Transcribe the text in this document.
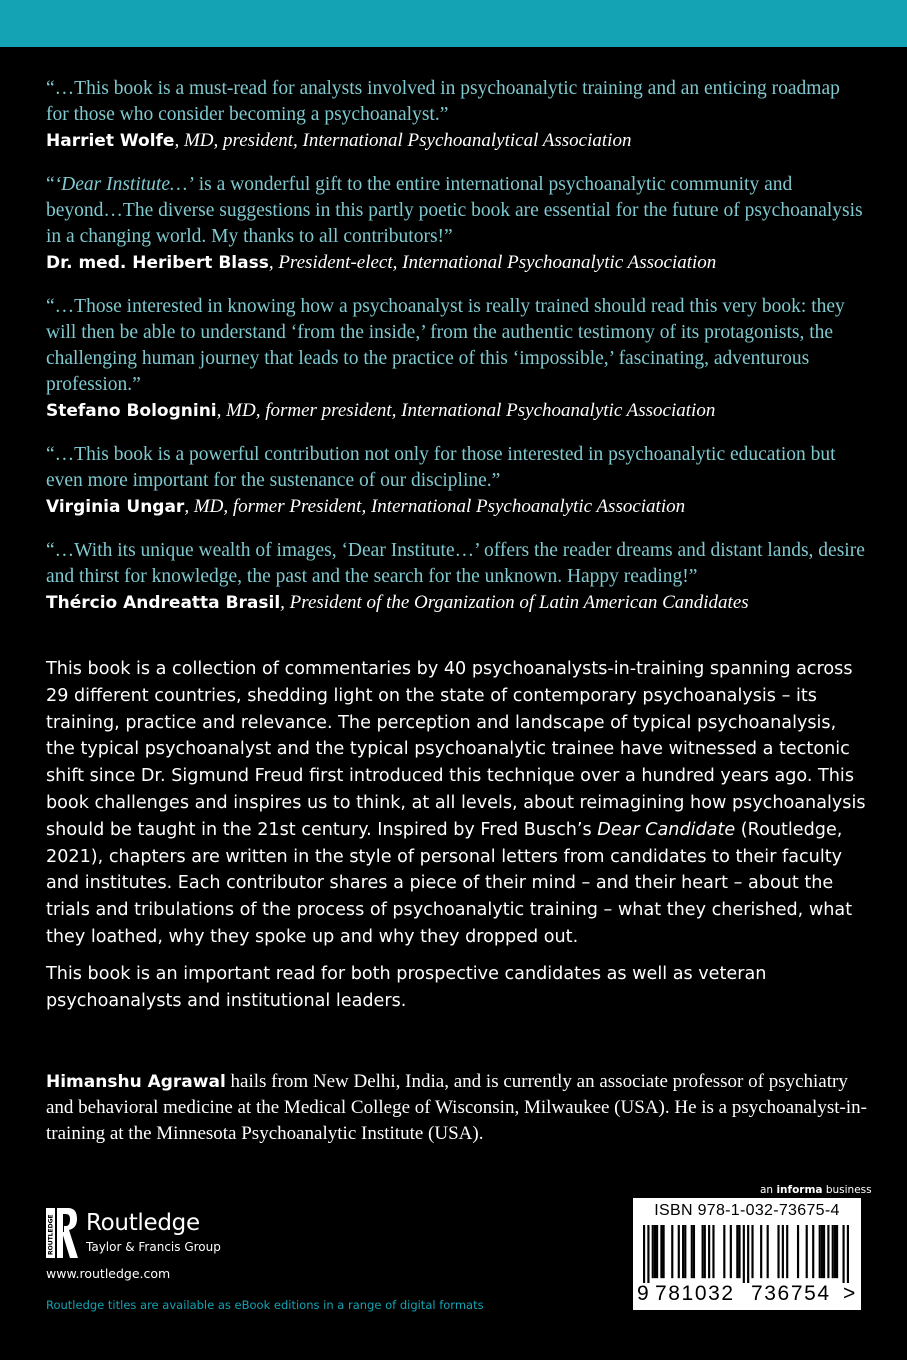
“…This book is a must-read for analysts involved in psychoanalytic training and an enticing roadmap for those who consider becoming a psychoanalyst.”
Harriet Wolfe, MD, president, International Psychoanalytical Association
“‘Dear Institute…’ is a wonderful gift to the entire international psychoanalytic community and beyond…The diverse suggestions in this partly poetic book are essential for the future of psychoanalysis in a changing world. My thanks to all contributors!”
Dr. med. Heribert Blass, President-elect, International Psychoanalytic Association
“…Those interested in knowing how a psychoanalyst is really trained should read this very book: they will then be able to understand ‘from the inside,’ from the authentic testimony of its protagonists, the challenging human journey that leads to the practice of this ‘impossible,’ fascinating, adventurous profession.”
Stefano Bolognini, MD, former president, International Psychoanalytic Association
“…This book is a powerful contribution not only for those interested in psychoanalytic education but even more important for the sustenance of our discipline.”
Virginia Ungar, MD, former President, International Psychoanalytic Association
“…With its unique wealth of images, ‘Dear Institute…’ offers the reader dreams and distant lands, desire and thirst for knowledge, the past and the search for the unknown. Happy reading!”
Thércio Andreatta Brasil, President of the Organization of Latin American Candidates

This book is a collection of commentaries by 40 psychoanalysts-in-training spanning across 29 different countries, shedding light on the state of contemporary psychoanalysis – its training, practice and relevance. The perception and landscape of typical psychoanalysis, the typical psychoanalyst and the typical psychoanalytic trainee have witnessed a tectonic shift since Dr. Sigmund Freud first introduced this technique over a hundred years ago. This book challenges and inspires us to think, at all levels, about reimagining how psychoanalysis should be taught in the 21st century. Inspired by Fred Busch’s Dear Candidate (Routledge, 2021), chapters are written in the style of personal letters from candidates to their faculty and institutes. Each contributor shares a piece of their mind – and their heart – about the trials and tribulations of the process of psychoanalytic training – what they cherished, what they loathed, why they spoke up and why they dropped out.

This book is an important read for both prospective candidates as well as veteran psychoanalysts and institutional leaders.

Himanshu Agrawal hails from New Delhi, India, and is currently an associate professor of psychiatry and behavioral medicine at the Medical College of Wisconsin, Milwaukee (USA). He is a psychoanalyst-in-training at the Minnesota Psychoanalytic Institute (USA).
ROUTLEDGE Routledge
Taylor & Francis Group
www.routledge.com
Routledge titles are available as eBook editions in a range of digital formats
an informa business
ISBN 978-1-032-73675-4
9 781032 736754 >
